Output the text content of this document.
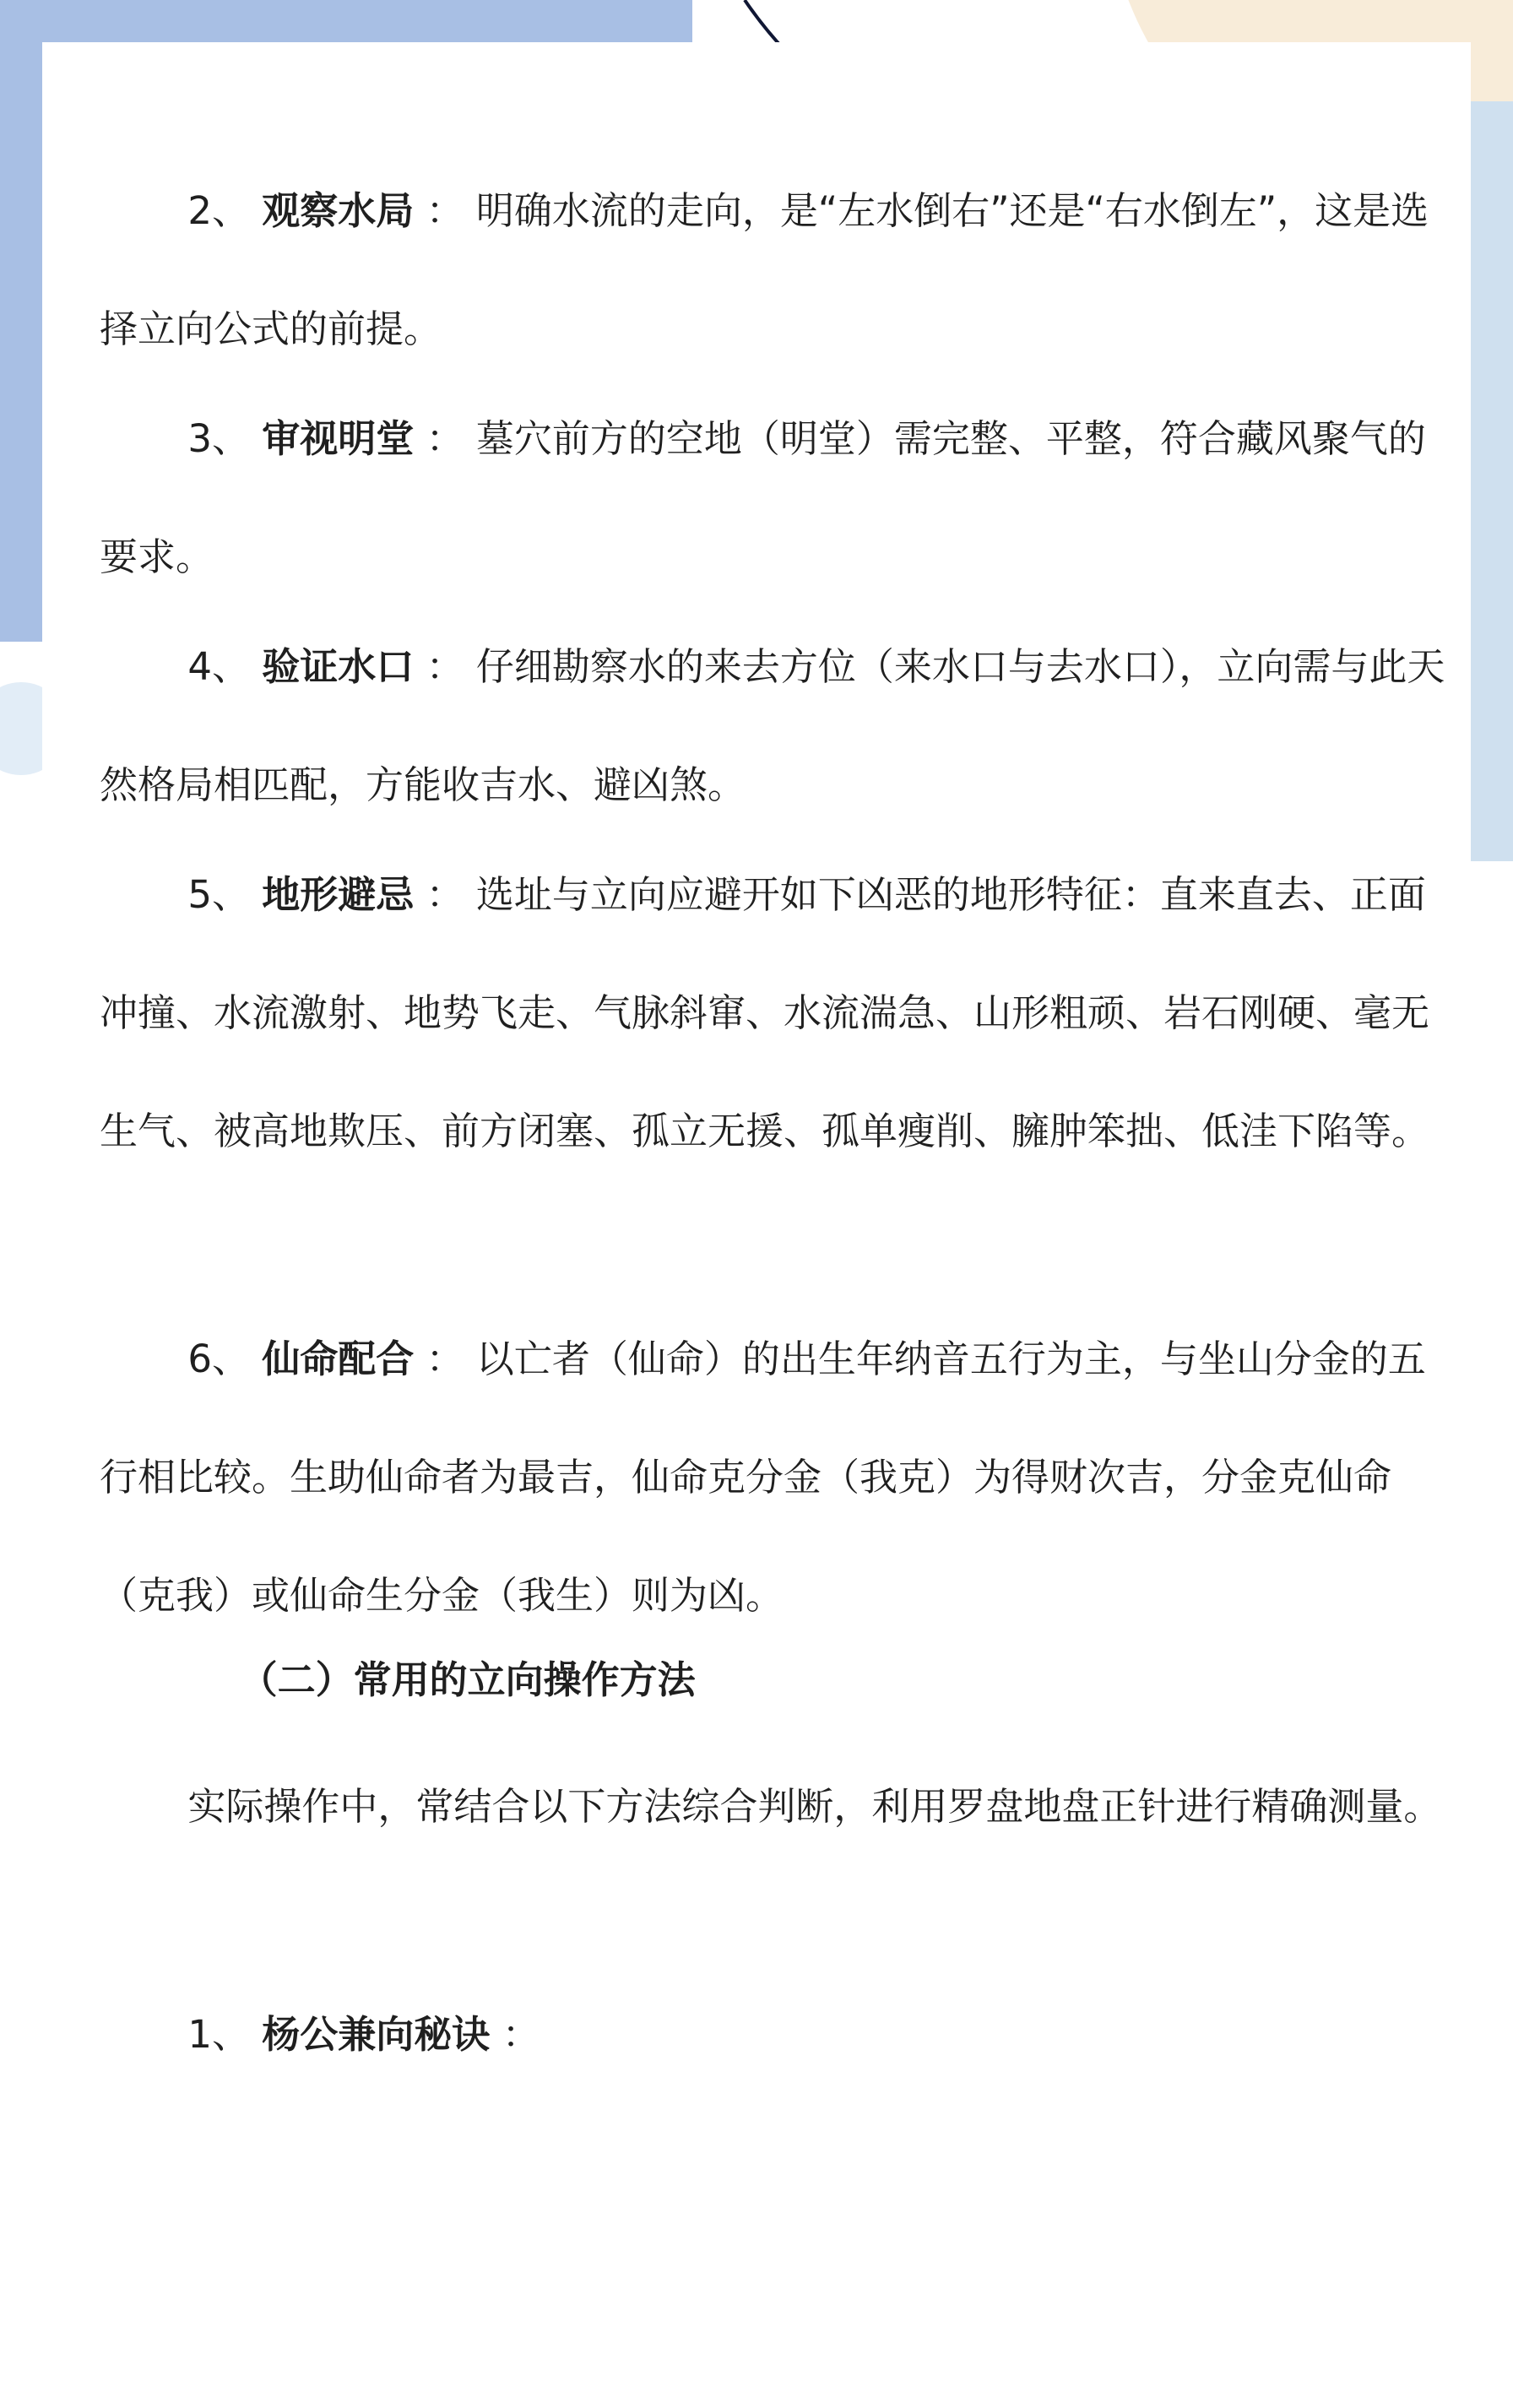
2、 观察水局 ： 明确水流的走向，是“左水倒右”还是“右水倒左”，这是选择立向公式的前提。

3、 审视明堂 ： 墓穴前方的空地（明堂）需完整、平整，符合藏风聚气的要求。

4、 验证水口 ： 仔细勘察水的来去方位（来水口与去水口），立向需与此天然格局相匹配，方能收吉水、避凶煞。

5、 地形避忌 ： 选址与立向应避开如下凶恶的地形特征：直来直去、正面冲撞、水流激射、地势飞走、气脉斜窜、水流湍急、山形粗顽、岩石刚硬、毫无生气、被高地欺压、前方闭塞、孤立无援、孤单瘦削、臃肿笨拙、低洼下陷等。

6、 仙命配合 ： 以亡者（仙命）的出生年纳音五行为主，与坐山分金的五行相比较。生助仙命者为最吉，仙命克分金（我克）为得财次吉，分金克仙命（克我）或仙命生分金（我生）则为凶。

（二）常用的立向操作方法

实际操作中，常结合以下方法综合判断，利用罗盘地盘正针进行精确测量。

1、 杨公兼向秘诀 ：
